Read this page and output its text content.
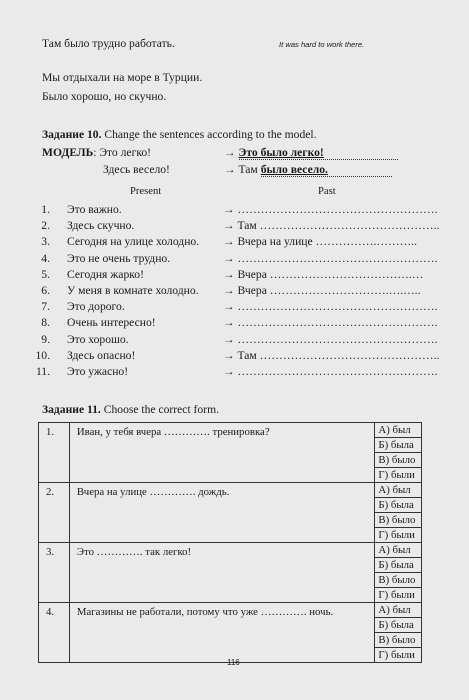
Там было трудно работать.	It was hard to work there.
Мы отдыхали на море в Турции.
Было хорошо, но скучно.
Задание 10. Change the sentences according to the model.
МОДЕЛЬ: Это легко!	→ Это было легко!
Здесь весело!	→ Там было весело.
Present	Past
1. Это важно.	→ …………………………………………….
2. Здесь скучно.	→ Там ………………………………………..
3. Сегодня на улице холодно. → Вчера на улице …………….………..
4. Это не очень трудно.	→ …………………………………………….
5. Сегодня жарко!	→ Вчера ……………………………….…
6. У меня в комнате холодно. → Вчера ………………………….….…..
7. Это дорого.	→ …………………………………………….
8. Очень интересно!	→ …………………………………………….
9. Это хорошо.	→ …………………………………………….
10. Здесь опасно!	→ Там ………………………………………..
11. Это ужасно!	→ …………………………………………….
Задание 11. Choose the correct form.
1.	Иван, у тебя вчера …………. тренировка?	А) был
		Б) была
		В) было
		Г) были
2.	Вчера на улице …………. дождь.	А) был
		Б) была
		В) было
		Г) были
3.	Это …………. так легко!	А) был
		Б) была
		В) было
		Г) были
4.	Магазины не работали, потому что уже …………. ночь.	А) был
		Б) была
		В) было
		Г) были
116
